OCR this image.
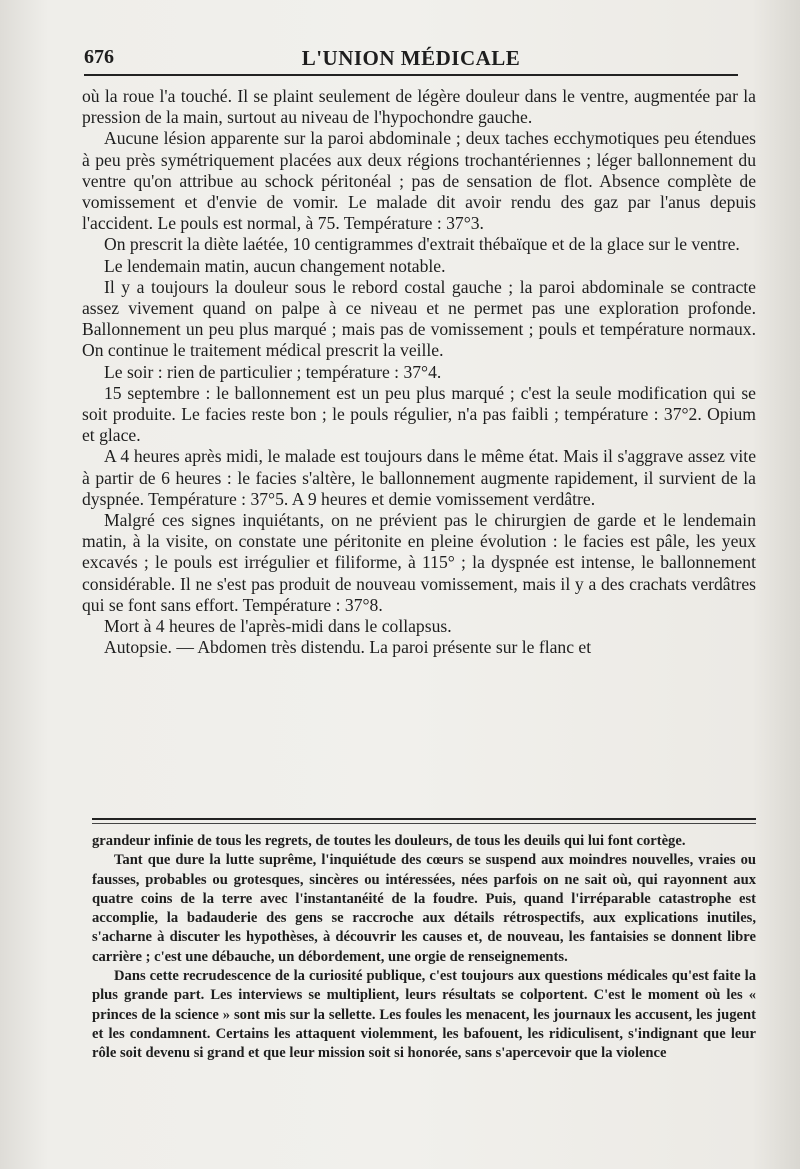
676	L'UNION MÉDICALE

où la roue l'a touché. Il se plaint seulement de légère douleur dans le ventre, augmentée par la pression de la main, surtout au niveau de l'hypochondre gauche.

Aucune lésion apparente sur la paroi abdominale ; deux taches ecchymotiques peu étendues à peu près symétriquement placées aux deux régions trochantériennes ; léger ballonnement du ventre qu'on attribue au schock péritonéal ; pas de sensation de flot. Absence complète de vomissement et d'envie de vomir. Le malade dit avoir rendu des gaz par l'anus depuis l'accident. Le pouls est normal, à 75. Température : 37°3.

On prescrit la diète laétée, 10 centigrammes d'extrait thébaïque et de la glace sur le ventre.

Le lendemain matin, aucun changement notable.

Il y a toujours la douleur sous le rebord costal gauche ; la paroi abdominale se contracte assez vivement quand on palpe à ce niveau et ne permet pas une exploration profonde. Ballonnement un peu plus marqué ; mais pas de vomissement ; pouls et température normaux. On continue le traitement médical prescrit la veille.

Le soir : rien de particulier ; température : 37°4.

15 septembre : le ballonnement est un peu plus marqué ; c'est la seule modification qui se soit produite. Le facies reste bon ; le pouls régulier, n'a pas faibli ; température : 37°2. Opium et glace.

A 4 heures après midi, le malade est toujours dans le même état. Mais il s'aggrave assez vite à partir de 6 heures : le facies s'altère, le ballonnement augmente rapidement, il survient de la dyspnée. Température : 37°5. A 9 heures et demie vomissement verdâtre.

Malgré ces signes inquiétants, on ne prévient pas le chirurgien de garde et le lendemain matin, à la visite, on constate une péritonite en pleine évolution : le facies est pâle, les yeux excavés ; le pouls est irrégulier et filiforme, à 115° ; la dyspnée est intense, le ballonnement considérable. Il ne s'est pas produit de nouveau vomissement, mais il y a des crachats verdâtres qui se font sans effort. Température : 37°8.

Mort à 4 heures de l'après-midi dans le collapsus.

Autopsie. — Abdomen très distendu. La paroi présente sur le flanc et

grandeur infinie de tous les regrets, de toutes les douleurs, de tous les deuils qui lui font cortège.

Tant que dure la lutte suprême, l'inquiétude des cœurs se suspend aux moindres nouvelles, vraies ou fausses, probables ou grotesques, sincères ou intéressées, nées parfois on ne sait où, qui rayonnent aux quatre coins de la terre avec l'instantanéité de la foudre. Puis, quand l'irréparable catastrophe est accomplie, la badauderie des gens se raccroche aux détails rétrospectifs, aux explications inutiles, s'acharne à discuter les hypothèses, à découvrir les causes et, de nouveau, les fantaisies se donnent libre carrière ; c'est une débauche, un débordement, une orgie de renseignements.

Dans cette recrudescence de la curiosité publique, c'est toujours aux questions médicales qu'est faite la plus grande part. Les interviews se multiplient, leurs résultats se colportent. C'est le moment où les « princes de la science » sont mis sur la sellette. Les foules les menacent, les journaux les accusent, les jugent et les condamnent. Certains les attaquent violemment, les bafouent, les ridiculisent, s'indignant que leur rôle soit devenu si grand et que leur mission soit si honorée, sans s'apercevoir que la violence
